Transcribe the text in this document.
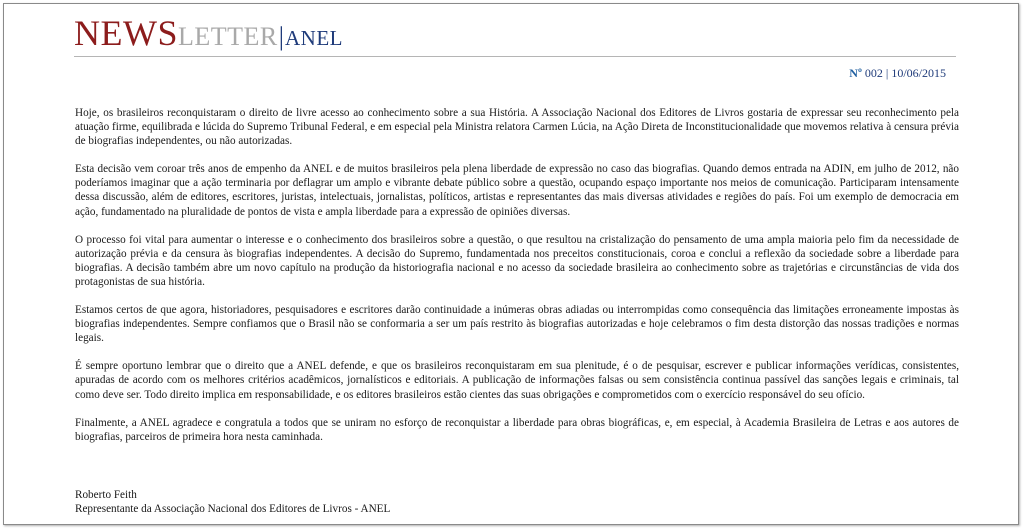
NEWSLETTER|ANEL
Nº 002 | 10/06/2015

Hoje, os brasileiros reconquistaram o direito de livre acesso ao conhecimento sobre a sua História. A Associação Nacional dos Editores de Livros gostaria de expressar seu reconhecimento pela atuação firme, equilibrada e lúcida do Supremo Tribunal Federal, e em especial pela Ministra relatora Carmen Lúcia, na Ação Direta de Inconstitucionalidade que movemos relativa à censura prévia de biografias independentes, ou não autorizadas.

Esta decisão vem coroar três anos de empenho da ANEL e de muitos brasileiros pela plena liberdade de expressão no caso das biografias. Quando demos entrada na ADIN, em julho de 2012, não poderíamos imaginar que a ação terminaria por deflagrar um amplo e vibrante debate público sobre a questão, ocupando espaço importante nos meios de comunicação. Participaram intensamente dessa discussão, além de editores, escritores, juristas, intelectuais, jornalistas, políticos, artistas e representantes das mais diversas atividades e regiões do país. Foi um exemplo de democracia em ação, fundamentado na pluralidade de pontos de vista e ampla liberdade para a expressão de opiniões diversas.

O processo foi vital para aumentar o interesse e o conhecimento dos brasileiros sobre a questão, o que resultou na cristalização do pensamento de uma ampla maioria pelo fim da necessidade de autorização prévia e da censura às biografias independentes. A decisão do Supremo, fundamentada nos preceitos constitucionais, coroa e conclui a reflexão da sociedade sobre a liberdade para biografias. A decisão também abre um novo capítulo na produção da historiografia nacional e no acesso da sociedade brasileira ao conhecimento sobre as trajetórias e circunstâncias de vida dos protagonistas de sua história.

Estamos certos de que agora, historiadores, pesquisadores e escritores darão continuidade a inúmeras obras adiadas ou interrompidas como consequência das limitações erroneamente impostas às biografias independentes. Sempre confiamos que o Brasil não se conformaria a ser um país restrito às biografias autorizadas e hoje celebramos o fim desta distorção das nossas tradições e normas legais.

É sempre oportuno lembrar que o direito que a ANEL defende, e que os brasileiros reconquistaram em sua plenitude, é o de pesquisar, escrever e publicar informações verídicas, consistentes, apuradas de acordo com os melhores critérios acadêmicos, jornalísticos e editoriais. A publicação de informações falsas ou sem consistência continua passível das sanções legais e criminais, tal como deve ser. Todo direito implica em responsabilidade, e os editores brasileiros estão cientes das suas obrigações e comprometidos com o exercício responsável do seu ofício.

Finalmente, a ANEL agradece e congratula a todos que se uniram no esforço de reconquistar a liberdade para obras biográficas, e, em especial, à Academia Brasileira de Letras e aos autores de biografias, parceiros de primeira hora nesta caminhada.

Roberto Feith
Representante da Associação Nacional dos Editores de Livros - ANEL
